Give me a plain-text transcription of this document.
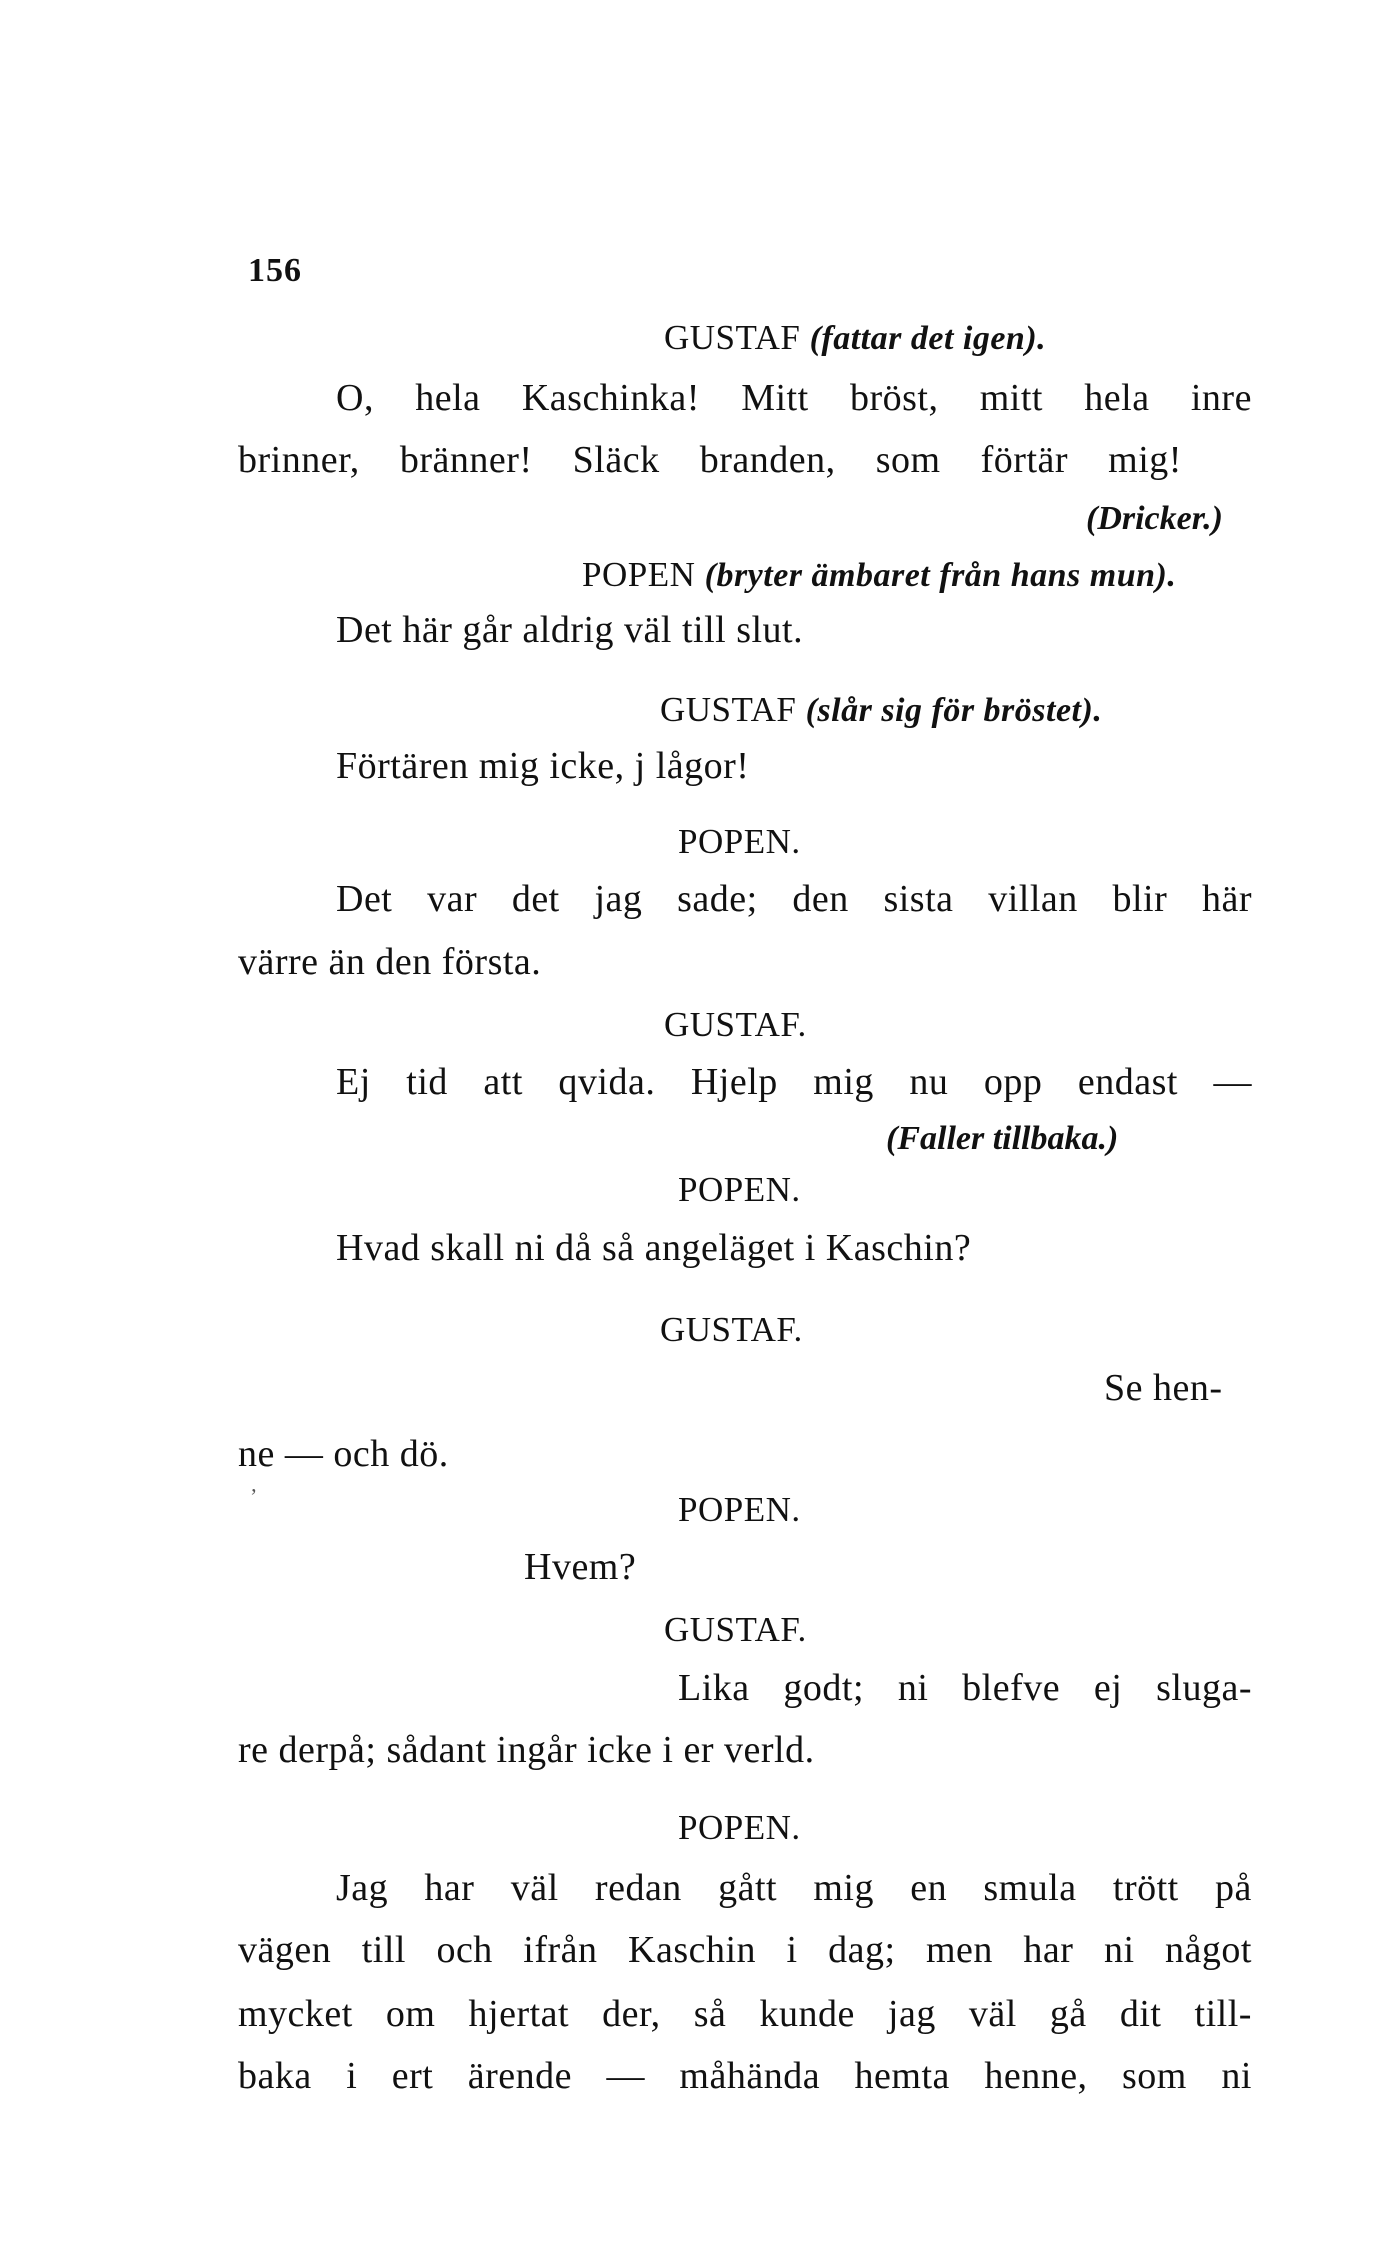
156
GUSTAF (fattar det igen).
O, hela Kaschinka! Mitt bröst, mitt hela inre
brinner, bränner! Släck branden, som förtär mig!
(Dricker.)
POPEN (bryter ämbaret från hans mun).
Det här går aldrig väl till slut.
GUSTAF (slår sig för bröstet).
Förtären mig icke, j lågor!
POPEN.
Det var det jag sade; den sista villan blir här
värre än den första.
GUSTAF.
Ej tid att qvida. Hjelp mig nu opp endast —
(Faller tillbaka.)
POPEN.
Hvad skall ni då så angeläget i Kaschin?
GUSTAF.
Se hen-
ne — och dö.
ʼ	POPEN.
Hvem?
GUSTAF.
Lika godt; ni blefve ej sluga-
re derpå; sådant ingår icke i er verld.
POPEN.
Jag har väl redan gått mig en smula trött på
vägen till och ifrån Kaschin i dag; men har ni något
mycket om hjertat der, så kunde jag väl gå dit till-
baka i ert ärende — måhända hemta henne, som ni
